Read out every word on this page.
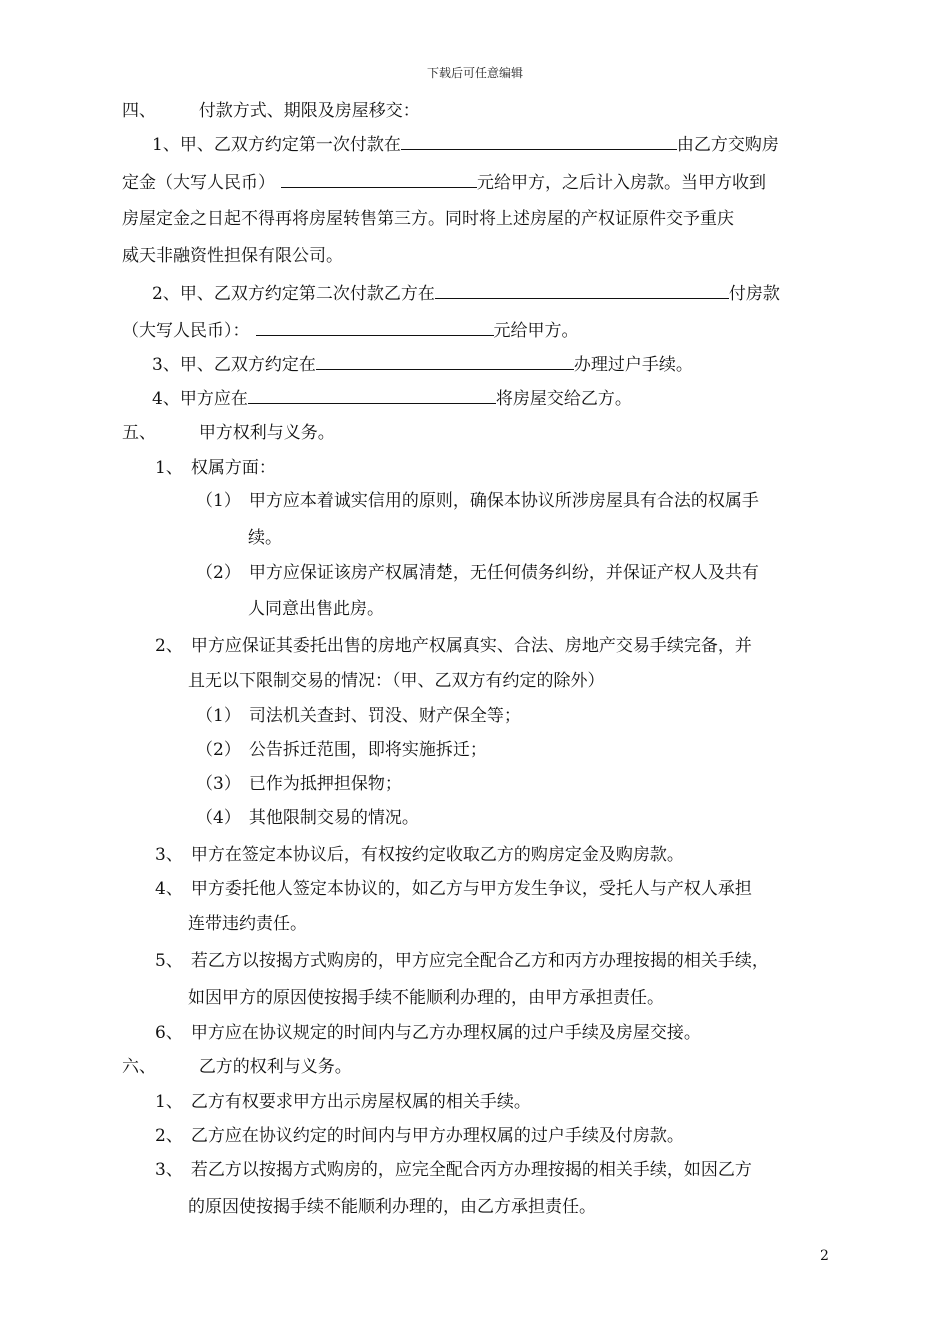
下载后可任意编辑
四、	付款方式、期限及房屋移交：
1、甲、乙双方约定第一次付款在	由乙方交购房
定金（大写人民币）	元给甲方，之后计入房款。当甲方收到
房屋定金之日起不得再将房屋转售第三方。同时将上述房屋的产权证原件交予重庆
威天非融资性担保有限公司。
2、甲、乙双方约定第二次付款乙方在	付房款
（大写人民币）：	元给甲方。
3、甲、乙双方约定在	办理过户手续。
4、甲方应在	将房屋交给乙方。
五、	甲方权利与义务。
1、 权属方面：
（1） 甲方应本着诚实信用的原则，确保本协议所涉房屋具有合法的权属手
续。
（2） 甲方应保证该房产权属清楚，无任何债务纠纷，并保证产权人及共有
人同意出售此房。
2、 甲方应保证其委托出售的房地产权属真实、合法、房地产交易手续完备，并
且无以下限制交易的情况：（甲、乙双方有约定的除外）
（1） 司法机关查封、罚没、财产保全等；
（2） 公告拆迁范围，即将实施拆迁；
（3） 已作为抵押担保物；
（4） 其他限制交易的情况。
3、 甲方在签定本协议后，有权按约定收取乙方的购房定金及购房款。
4、 甲方委托他人签定本协议的，如乙方与甲方发生争议，受托人与产权人承担
连带违约责任。
5、 若乙方以按揭方式购房的，甲方应完全配合乙方和丙方办理按揭的相关手续，
如因甲方的原因使按揭手续不能顺利办理的，由甲方承担责任。
6、 甲方应在协议规定的时间内与乙方办理权属的过户手续及房屋交接。
六、	乙方的权利与义务。
1、 乙方有权要求甲方出示房屋权属的相关手续。
2、 乙方应在协议约定的时间内与甲方办理权属的过户手续及付房款。
3、 若乙方以按揭方式购房的，应完全配合丙方办理按揭的相关手续，如因乙方
的原因使按揭手续不能顺利办理的，由乙方承担责任。
2
